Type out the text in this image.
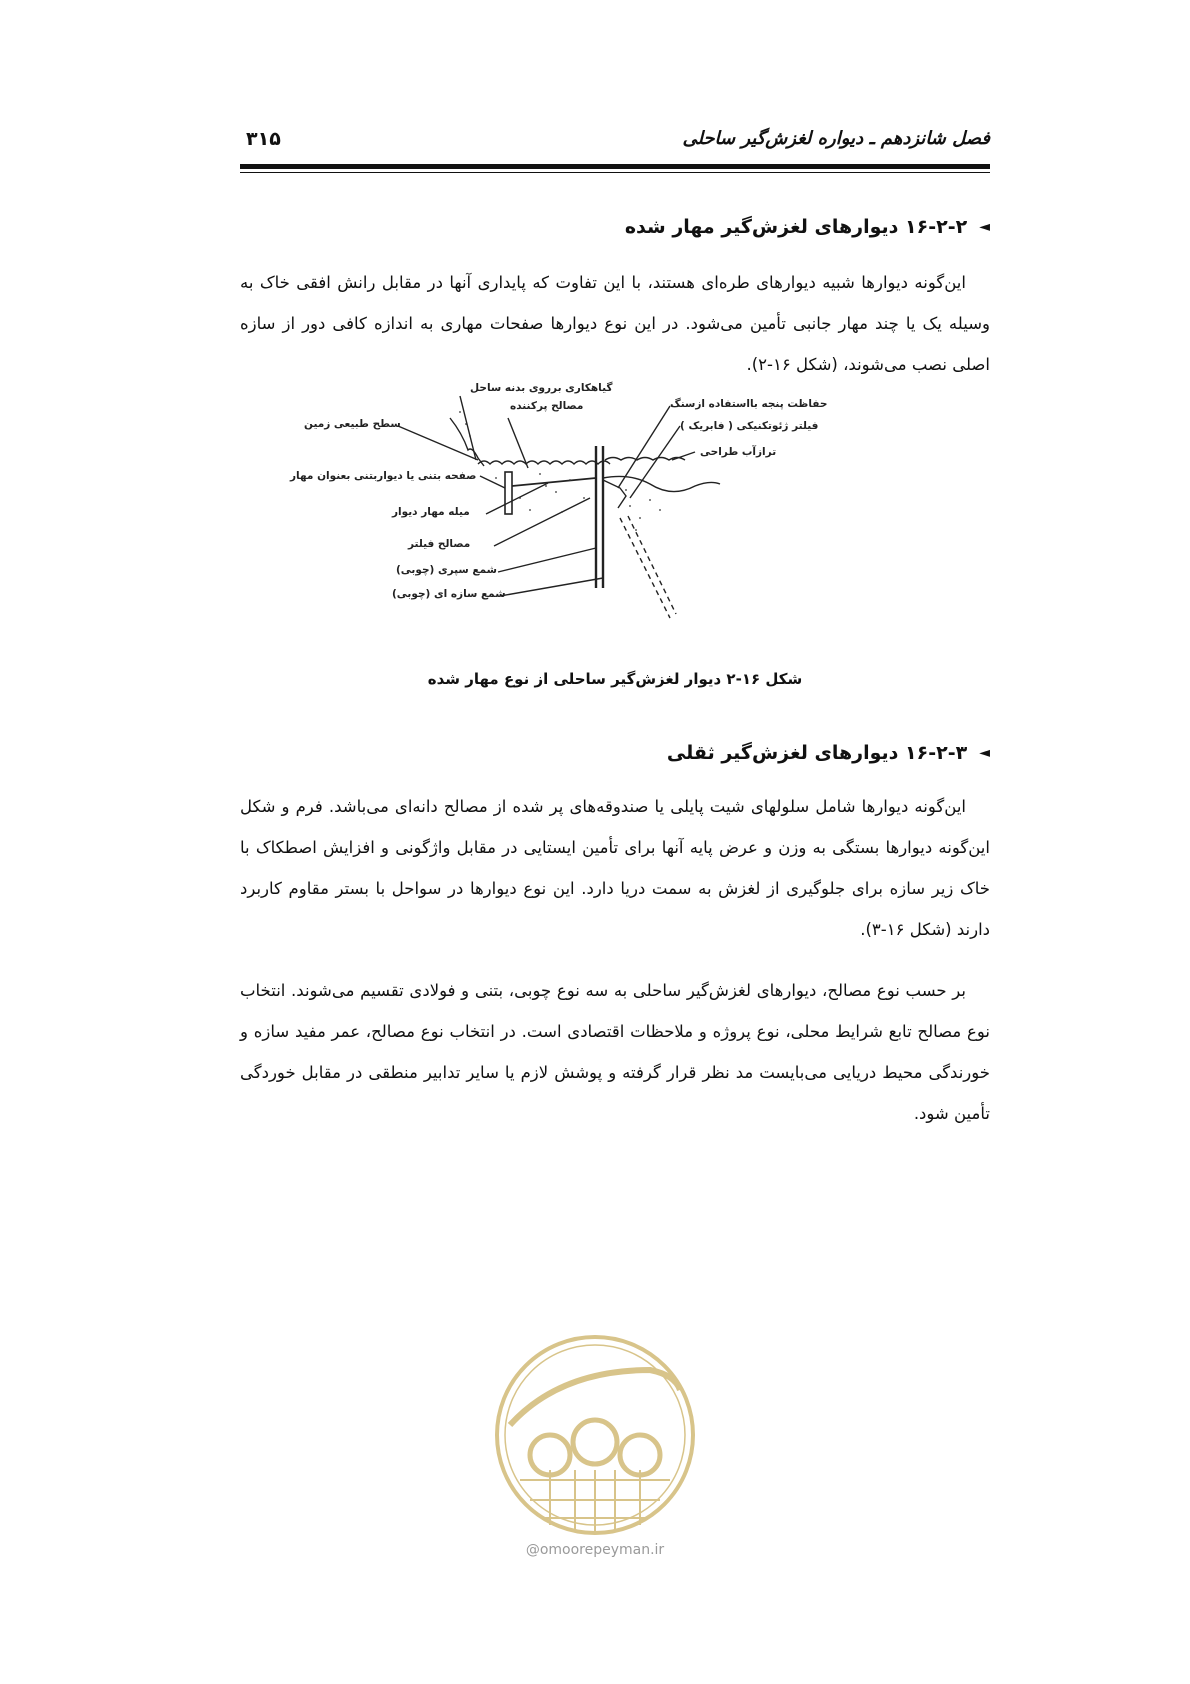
فصل شانزدهم ـ دیواره لغزش‌گیر ساحلی
۳۱۵
◄۱۶-۲-۲ دیوارهای لغزش‌گیر مهار شده
این‌گونه دیوارها شبیه دیوارهای طره‌ای هستند، با این تفاوت که پایداری آنها در مقابل رانش افقی خاک به وسیله یک یا چند مهار جانبی تأمین می‌شود. در این نوع دیوارها صفحات مهاری به اندازه کافی دور از سازه اصلی نصب می‌شوند، (شکل ۱۶-۲).
گیاهکاری برروی بدنه ساحل
مصالح پرکننده
سطح طبیعی زمین
صفحه بتنی یا دیواربتنی بعنوان مهار
میله مهار دیوار
مصالح فیلتر
شمع سپری (چوبی)
شمع سازه ای (چوبی)
حفاظت پنجه بااستفاده ازسنگ
فیلتر ژئوتکنیکی ( فابریک )
ترازآب طراحی
شکل ۱۶-۲ دیوار لغزش‌گیر ساحلی از نوع مهار شده
◄۱۶-۲-۳ دیوارهای لغزش‌گیر ثقلی
این‌گونه دیوارها شامل سلولهای شیت پایلی یا صندوقه‌های پر شده از مصالح دانه‌ای می‌باشد. فرم و شکل این‌گونه دیوارها بستگی به وزن و عرض پایه آنها برای تأمین ایستایی در مقابل واژگونی و افزایش اصطکاک با خاک زیر سازه برای جلوگیری از لغزش به سمت دریا دارد. این نوع دیوارها در سواحل با بستر مقاوم کاربرد دارند (شکل ۱۶-۳).
بر حسب نوع مصالح، دیوارهای لغزش‌گیر ساحلی به سه نوع چوبی، بتنی و فولادی تقسیم می‌شوند. انتخاب نوع مصالح تابع شرایط محلی، نوع پروژه و ملاحظات اقتصادی است. در انتخاب نوع مصالح، عمر مفید سازه و خورندگی محیط دریایی می‌بایست مد نظر قرار گرفته و پوشش لازم یا سایر تدابیر منطقی در مقابل خوردگی تأمین شود.
@omoorepeyman.ir
